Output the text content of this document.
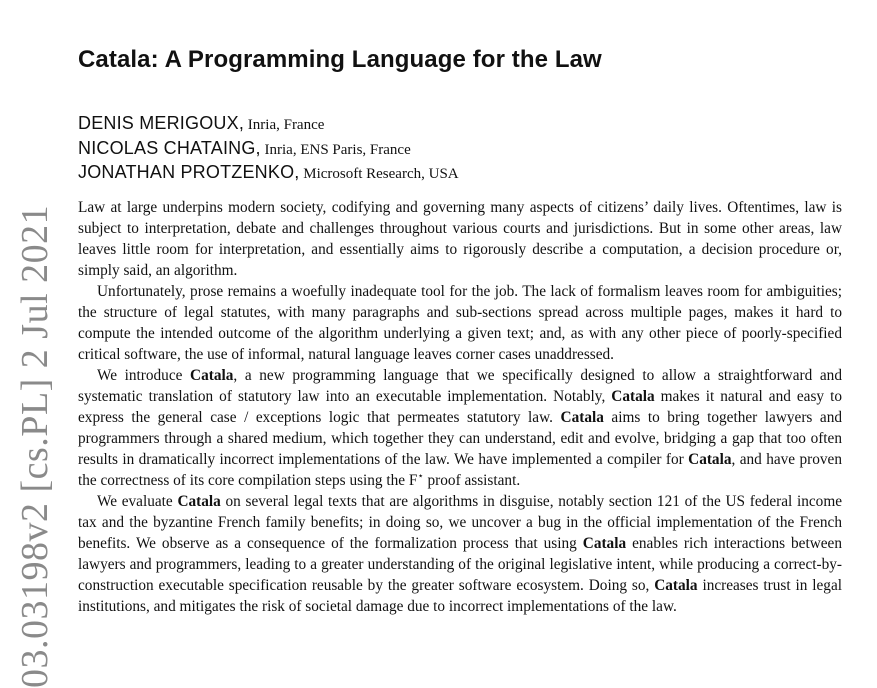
03.03198v2 [cs.PL] 2 Jul 2021
Catala: A Programming Language for the Law
DENIS MERIGOUX, Inria, France
NICOLAS CHATAING, Inria, ENS Paris, France
JONATHAN PROTZENKO, Microsoft Research, USA

Law at large underpins modern society, codifying and governing many aspects of citizens’ daily lives. Oftentimes, law is subject to interpretation, debate and challenges throughout various courts and jurisdictions. But in some other areas, law leaves little room for interpretation, and essentially aims to rigorously describe a computation, a decision procedure or, simply said, an algorithm.

Unfortunately, prose remains a woefully inadequate tool for the job. The lack of formalism leaves room for ambiguities; the structure of legal statutes, with many paragraphs and sub-sections spread across multiple pages, makes it hard to compute the intended outcome of the algorithm underlying a given text; and, as with any other piece of poorly-specified critical software, the use of informal, natural language leaves corner cases unaddressed.

We introduce Catala, a new programming language that we specifically designed to allow a straightforward and systematic translation of statutory law into an executable implementation. Notably, Catala makes it natural and easy to express the general case / exceptions logic that permeates statutory law. Catala aims to bring together lawyers and programmers through a shared medium, which together they can understand, edit and evolve, bridging a gap that too often results in dramatically incorrect implementations of the law. We have implemented a compiler for Catala, and have proven the correctness of its core compilation steps using the F⋆ proof assistant.

We evaluate Catala on several legal texts that are algorithms in disguise, notably section 121 of the US federal income tax and the byzantine French family benefits; in doing so, we uncover a bug in the official implementation of the French benefits. We observe as a consequence of the formalization process that using Catala enables rich interactions between lawyers and programmers, leading to a greater understanding of the original legislative intent, while producing a correct-by-construction executable specification reusable by the greater software ecosystem. Doing so, Catala increases trust in legal institutions, and mitigates the risk of societal damage due to incorrect implementations of the law.
